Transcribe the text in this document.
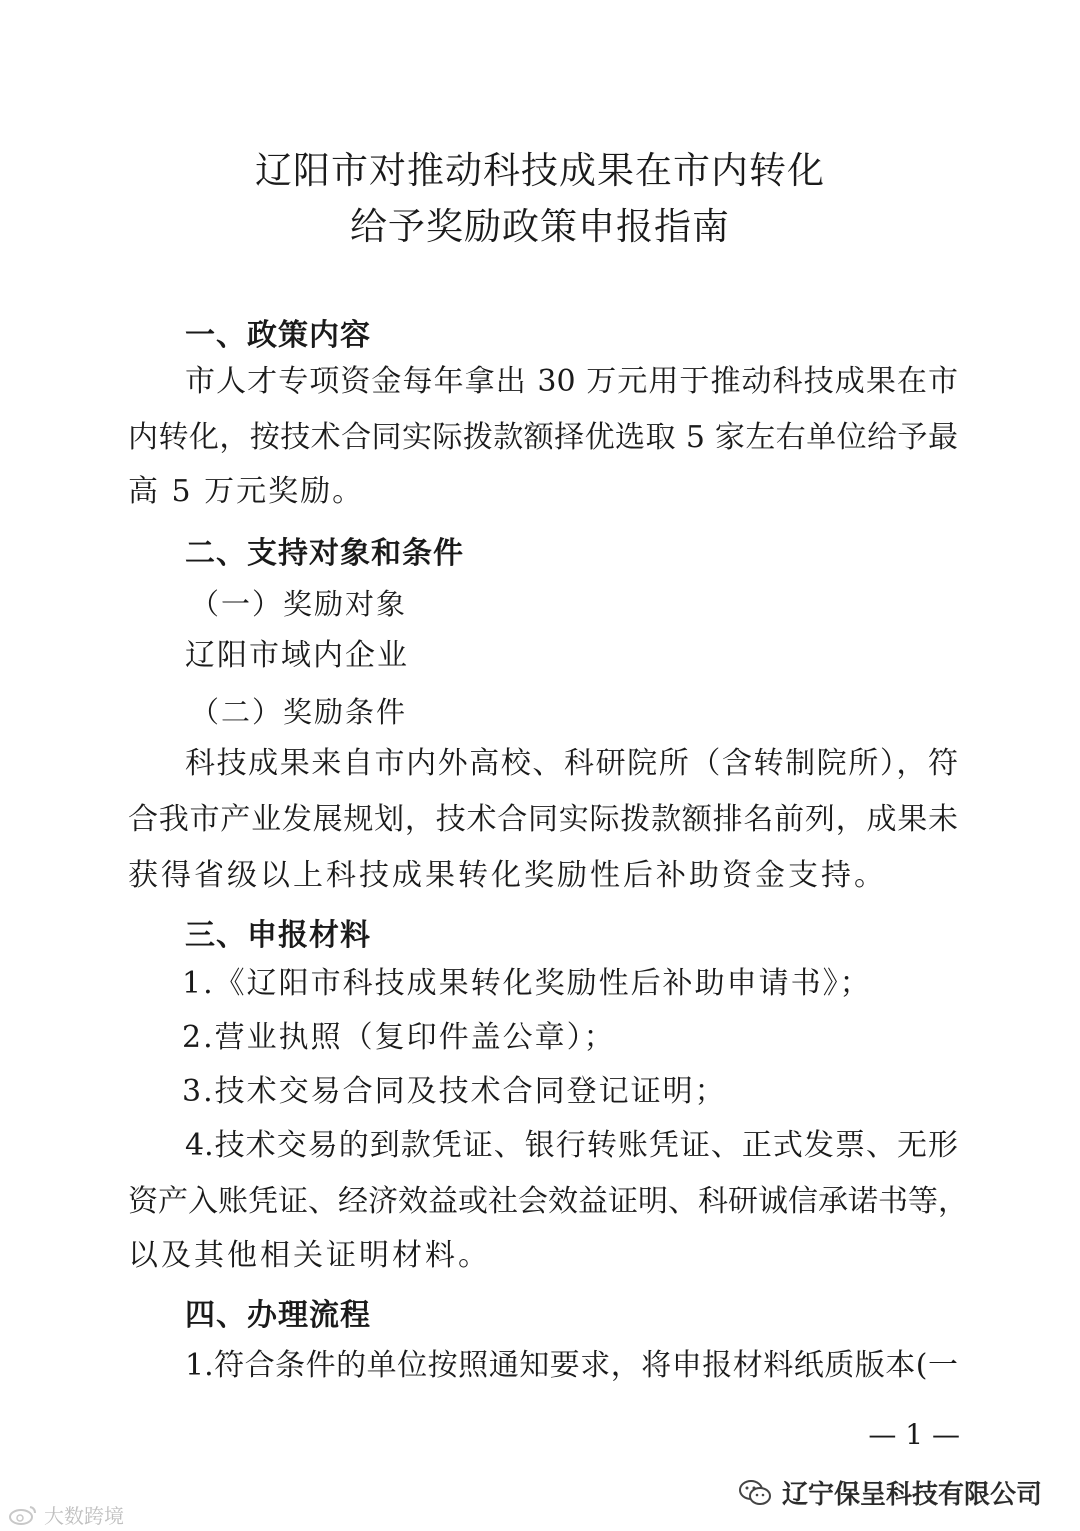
辽阳市对推动科技成果在市内转化
给予奖励政策申报指南
一、政策内容
市人才专项资金每年拿出 30 万元用于推动科技成果在市
内转化，按技术合同实际拨款额择优选取 5 家左右单位给予最
高 5 万元奖励。
二、支持对象和条件
（一）奖励对象
辽阳市域内企业
（二）奖励条件
科技成果来自市内外高校、科研院所（含转制院所），符
合我市产业发展规划，技术合同实际拨款额排名前列，成果未
获得省级以上科技成果转化奖励性后补助资金支持。
三、申报材料
1.《辽阳市科技成果转化奖励性后补助申请书》；
2.营业执照（复印件盖公章）；
3.技术交易合同及技术合同登记证明；
4.技术交易的到款凭证、银行转账凭证、正式发票、无形
资产入账凭证、经济效益或社会效益证明、科研诚信承诺书等，
以及其他相关证明材料。
四、办理流程
1.符合条件的单位按照通知要求，将申报材料纸质版本(一
— 1 —
辽宁保呈科技有限公司
大数跨境
